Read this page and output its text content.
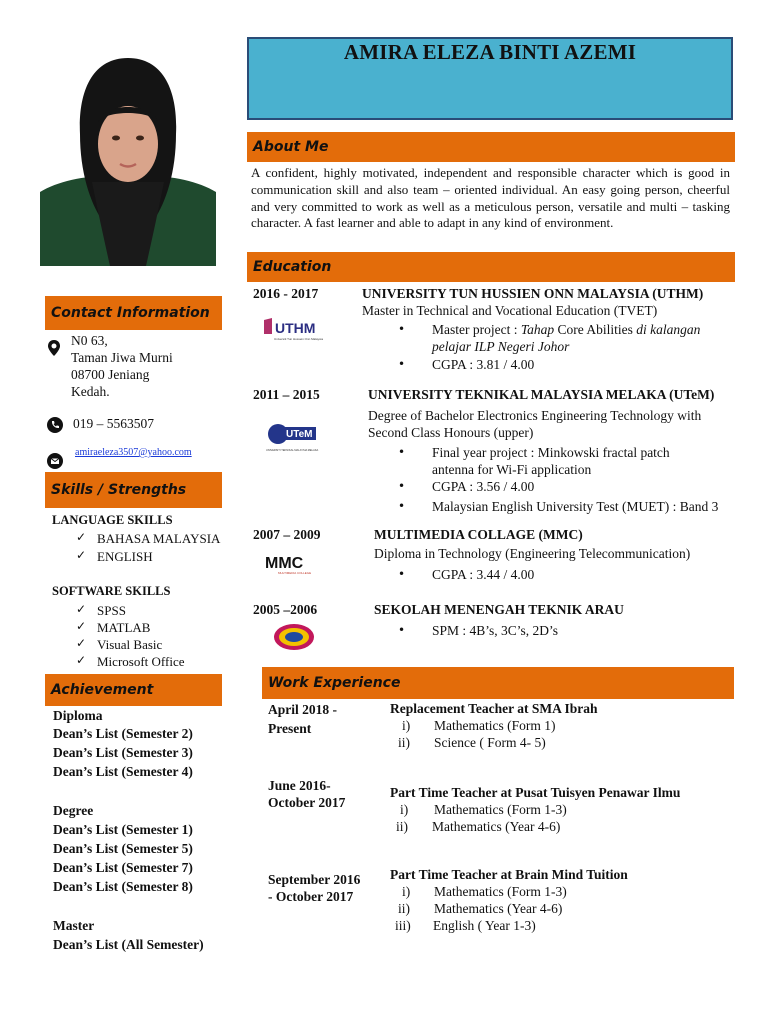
AMIRA ELEZA BINTI AZEMI
About Me
A confident, highly motivated, independent and responsible character which is good in communication skill and also team – oriented individual. An easy going person, cheerful and very committed to work as well as a meticulous person, versatile and multi – tasking character. A fast learner and able to adapt in any kind of environment.
Education
2016 - 2017	UNIVERSITY TUN HUSSIEN ONN MALAYSIA (UTHM)
Master in Technical and Vocational Education (TVET)
UTHM
Universiti Tun Hussein Onn Malaysia
• Master project : Tahap Core Abilities di kalangan
pelajar ILP Negeri Johor
• CGPA : 3.81 / 4.00
2011 – 2015	UNIVERSITY TEKNIKAL MALAYSIA MELAKA (UTeM)
Degree of Bachelor Electronics Engineering Technology with
Second Class Honours (upper)
UTeM
UNIVERSITI TEKNIKAL MALAYSIA MELAKA	• Final year project : Minkowski fractal patch
antenna for Wi-Fi application
• CGPA : 3.56 / 4.00
• Malaysian English University Test (MUET) : Band 3
2007 – 2009	MULTIMEDIA COLLAGE (MMC)
Diploma in Technology (Engineering Telecommunication)
MMC
MULTIMEDIA COLLEGE	• CGPA : 3.44 / 4.00
2005 –2006	SEKOLAH MENENGAH TEKNIK ARAU
• SPM : 4B’s, 3C’s, 2D’s
Work Experience
April 2018 -
Present
Replacement Teacher at SMA Ibrah
i) Mathematics (Form 1)
ii) Science ( Form 4- 5)
June 2016-
October 2017
Part Time Teacher at Pusat Tuisyen Penawar Ilmu
i) Mathematics (Form 1-3)
ii) Mathematics (Year 4-6)
September 2016
- October 2017
Part Time Teacher at Brain Mind Tuition
i) Mathematics (Form 1-3)
ii) Mathematics (Year 4-6)
iii) English ( Year 1-3)
Contact Information
N0 63,
Taman Jiwa Murni
08700 Jeniang
Kedah.
019 – 5563507
amiraeleza3507@yahoo.com
Skills / Strengths
LANGUAGE SKILLS
✓ BAHASA MALAYSIA
✓ ENGLISH
SOFTWARE SKILLS
✓ SPSS
✓ MATLAB
✓ Visual Basic
✓ Microsoft Office
Achievement
Diploma
Dean’s List (Semester 2)
Dean’s List (Semester 3)
Dean’s List (Semester 4)
Degree
Dean’s List (Semester 1)
Dean’s List (Semester 5)
Dean’s List (Semester 7)
Dean’s List (Semester 8)
Master
Dean’s List (All Semester)
